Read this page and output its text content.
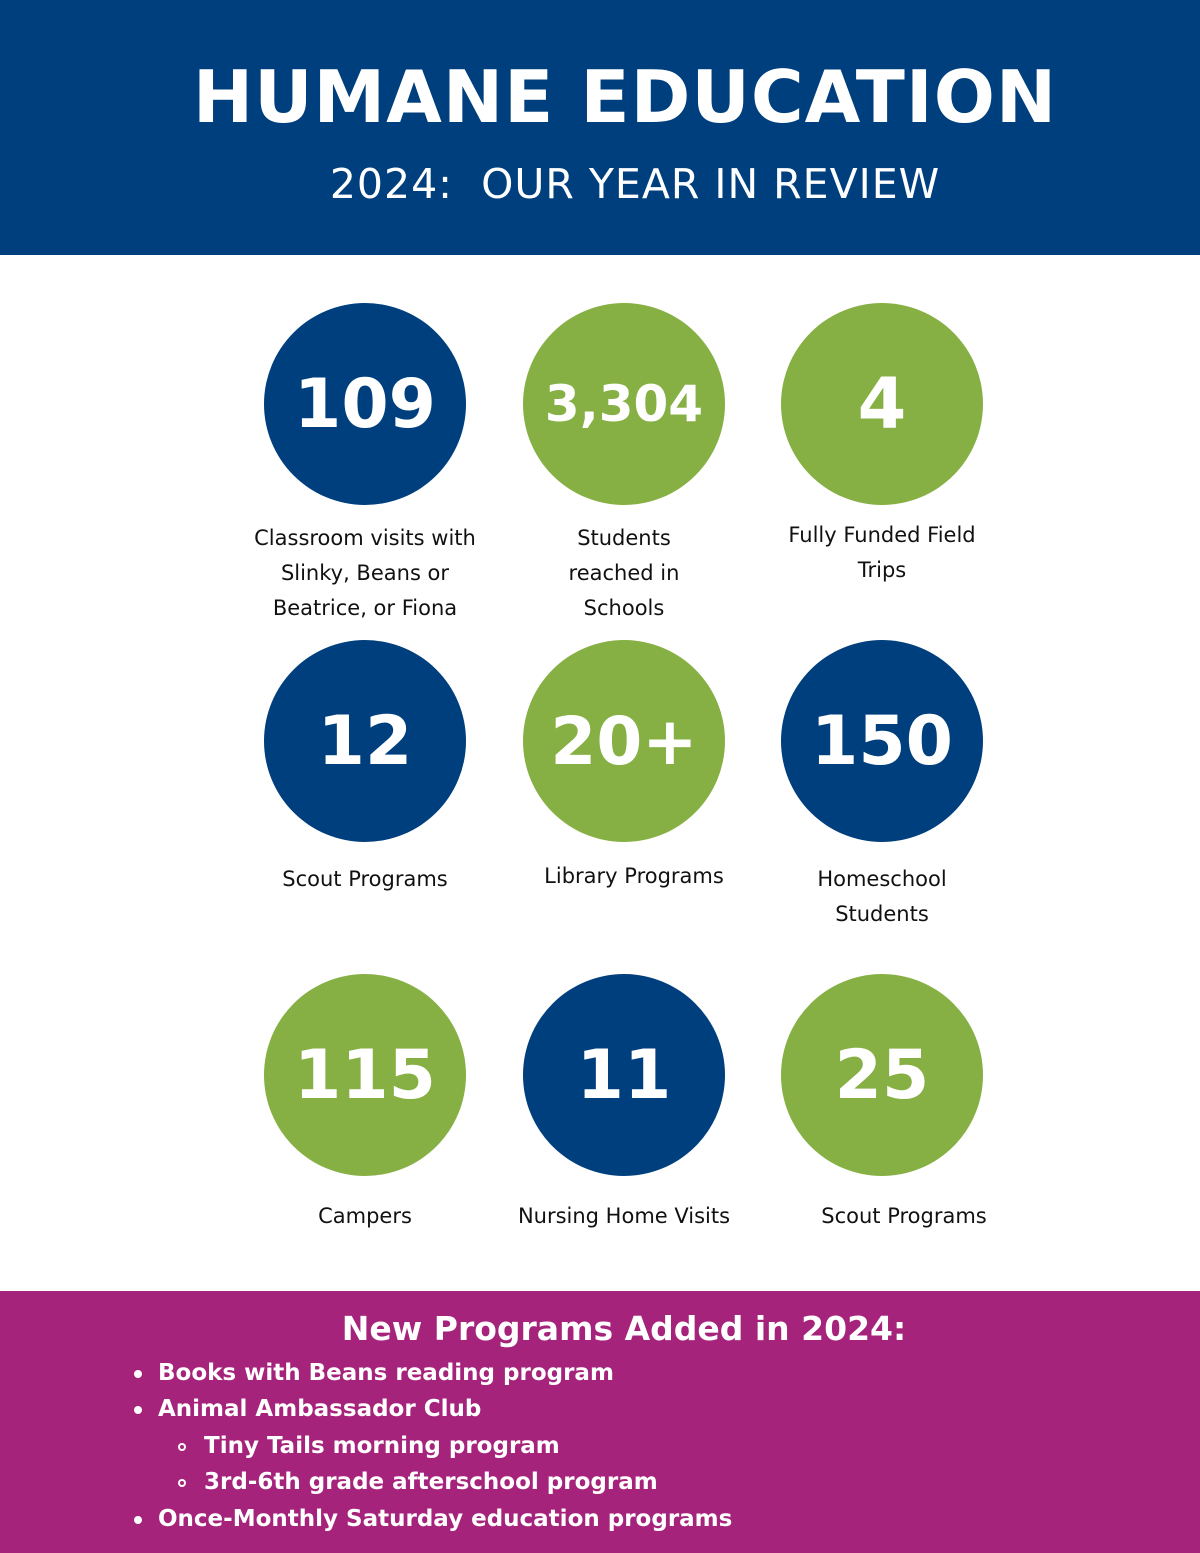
HUMANE EDUCATION
2024:  OUR YEAR IN REVIEW
109
Classroom visits with
Slinky, Beans or
Beatrice, or Fiona
3,304
Students
reached in
Schools
4
Fully Funded Field
Trips
12
Scout Programs
20+
Library Programs
150
Homeschool
Students
115
Campers
11
Nursing Home Visits
25
Scout Programs
New Programs Added in 2024:
Books with Beans reading program
Animal Ambassador Club
Tiny Tails morning program
3rd-6th grade afterschool program
Once-Monthly Saturday education programs
